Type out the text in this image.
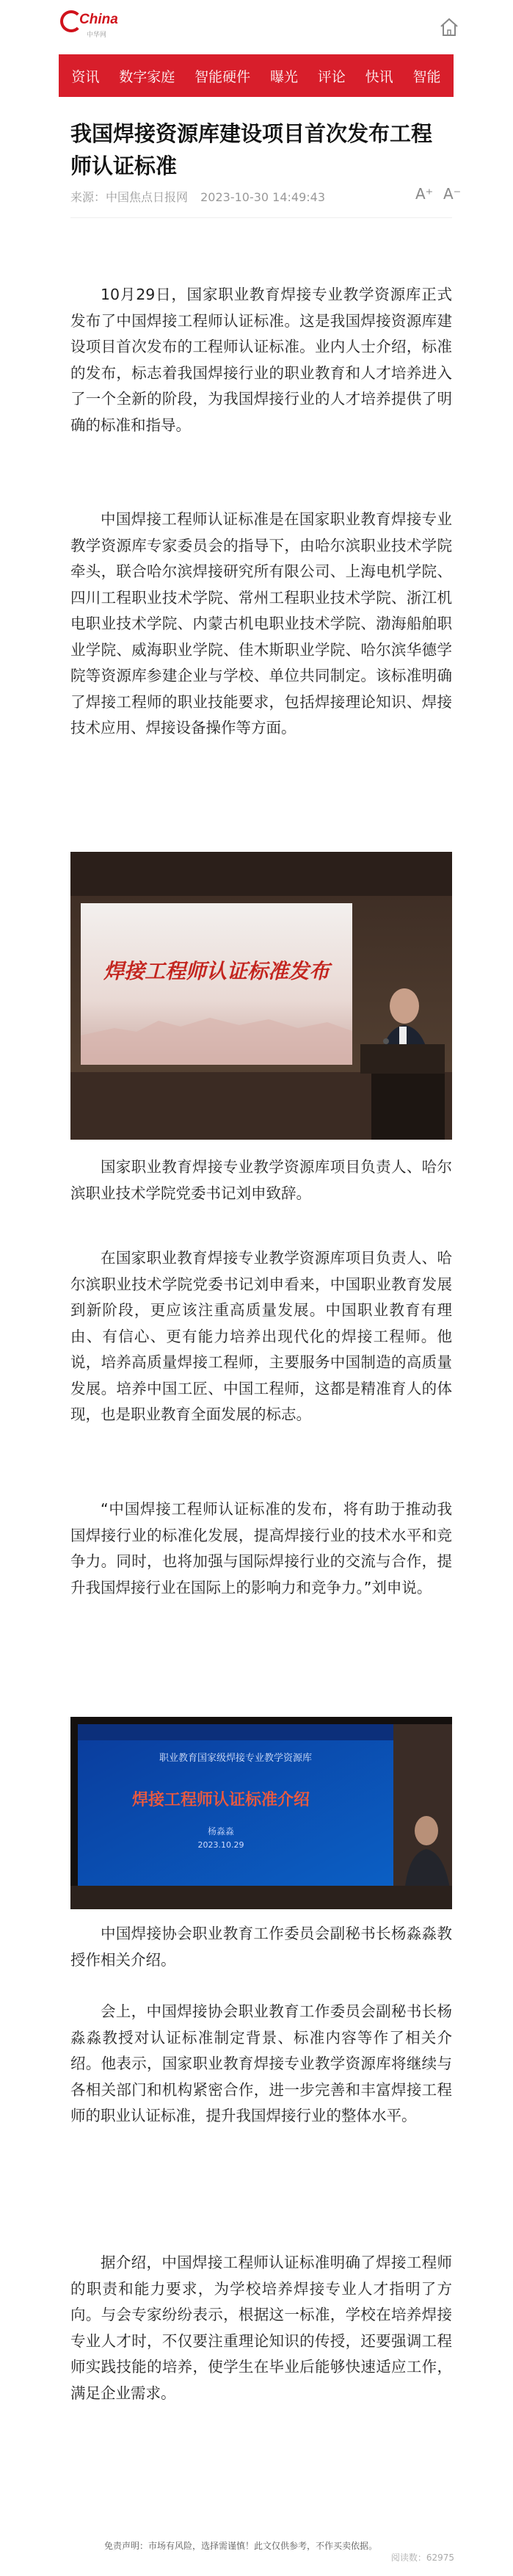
China
中华网
资讯 数字家庭 智能硬件 曝光 评论 快讯 智能
我国焊接资源库建设项目首次发布工程师认证标准
来源：中国焦点日报网 2023-10-30 14:49:43	A⁺ A⁻

10月29日，国家职业教育焊接专业教学资源库正式发布了中国焊接工程师认证标准。这是我国焊接资源库建设项目首次发布的工程师认证标准。业内人士介绍，标准的发布，标志着我国焊接行业的职业教育和人才培养进入了一个全新的阶段，为我国焊接行业的人才培养提供了明确的标准和指导。

中国焊接工程师认证标准是在国家职业教育焊接专业教学资源库专家委员会的指导下，由哈尔滨职业技术学院牵头，联合哈尔滨焊接研究所有限公司、上海电机学院、四川工程职业技术学院、常州工程职业技术学院、浙江机电职业技术学院、内蒙古机电职业技术学院、渤海船舶职业学院、威海职业学院、佳木斯职业学院、哈尔滨华德学院等资源库参建企业与学校、单位共同制定。该标准明确了焊接工程师的职业技能要求，包括焊接理论知识、焊接技术应用、焊接设备操作等方面。

焊接工程师认证标准发布

国家职业教育焊接专业教学资源库项目负责人、哈尔滨职业技术学院党委书记刘申致辞。

在国家职业教育焊接专业教学资源库项目负责人、哈尔滨职业技术学院党委书记刘申看来，中国职业教育发展到新阶段，更应该注重高质量发展。中国职业教育有理由、有信心、更有能力培养出现代化的焊接工程师。他说，培养高质量焊接工程师，主要服务中国制造的高质量发展。培养中国工匠、中国工程师，这都是精准育人的体现，也是职业教育全面发展的标志。

“中国焊接工程师认证标准的发布，将有助于推动我国焊接行业的标准化发展，提高焊接行业的技术水平和竞争力。同时，也将加强与国际焊接行业的交流与合作，提升我国焊接行业在国际上的影响力和竞争力。”刘申说。

职业教育国家级焊接专业教学资源库
焊接工程师认证标准介绍
杨淼淼
2023.10.29

中国焊接协会职业教育工作委员会副秘书长杨淼淼教授作相关介绍。

会上，中国焊接协会职业教育工作委员会副秘书长杨淼淼教授对认证标准制定背景、标准内容等作了相关介绍。他表示，国家职业教育焊接专业教学资源库将继续与各相关部门和机构紧密合作，进一步完善和丰富焊接工程师的职业认证标准，提升我国焊接行业的整体水平。

据介绍，中国焊接工程师认证标准明确了焊接工程师的职责和能力要求，为学校培养焊接专业人才指明了方向。与会专家纷纷表示，根据这一标准，学校在培养焊接专业人才时，不仅要注重理论知识的传授，还要强调工程师实践技能的培养，使学生在毕业后能够快速适应工作，满足企业需求。

免责声明：市场有风险，选择需谨慎！此文仅供参考，不作买卖依据。
阅读数：62975
